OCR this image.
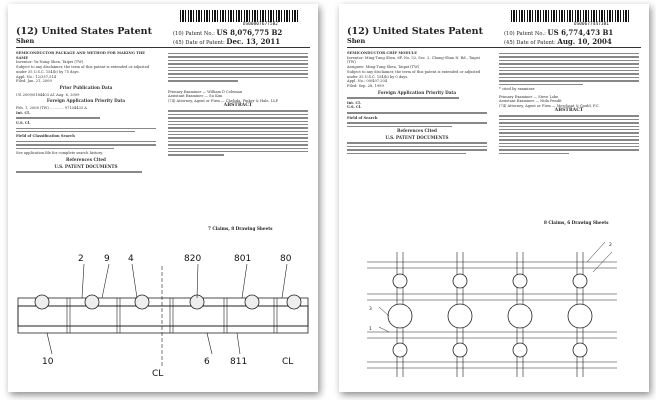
US008076775B2
(12) United States Patent
Shen
(10) Patent No.: US 8,076,775 B2
(45) Date of Patent: Dec. 13, 2011
SEMICONDUCTOR PACKAGE AND METHOD FOR MAKING THE SAME
Inventor: Yu-Nung Shen, Taipei (TW)
Subject to any disclaimer, the term of this patent is extended or adjusted under 35 U.S.C. 154(b) by 75 days.
Appl. No.: 12/357,514
Filed: Jan. 21, 2009
Prior Publication Data
US 2009/0184403 A1 Aug. 6, 2009
Foreign Application Priority Data
Feb. 1, 2008 (TW) ............ 97104433 A
Int. Cl.
U.S. Cl.
Field of Classification Search
See application file for complete search history.
References Cited
U.S. PATENT DOCUMENTS
Primary Examiner — William D Coleman
Assistant Examiner — Su Kim
(74) Attorney, Agent or Firm — Chelsda, Pinker & Hale, LLP
ABSTRACT
7 Claims, 8 Drawing Sheets
2 9 4	820	801	80
10
CL
6 811	CL
US006774473B1
(12) United States Patent
Shen
(10) Patent No.: US 6,774,473 B1
(45) Date of Patent: Aug. 10, 2004
SEMICONDUCTOR CHIP MODULE
Inventor: Ming-Tung Shen, 6F, No. 52, Sec. 2, Chung-Shan N. Rd., Taipei (TW)
Assignee: Ming-Tung Shen, Taipei (TW)
Subject to any disclaimer, the term of this patent is extended or adjusted under 35 U.S.C. 154(b) by 0 days.
Appl. No.: 09/407,204
Filed: Sep. 28, 1999
Foreign Application Priority Data
Int. Cl.
U.S. Cl.
Field of Search
References Cited
U.S. PATENT DOCUMENTS
* cited by examiner
Primary Examiner — Steve Loke
Assistant Examiner — Nida Pendit
(74) Attorney, Agent or Firm — Merchant & Gould, P.C.
ABSTRACT
8 Claims, 6 Drawing Sheets
3
1
2
